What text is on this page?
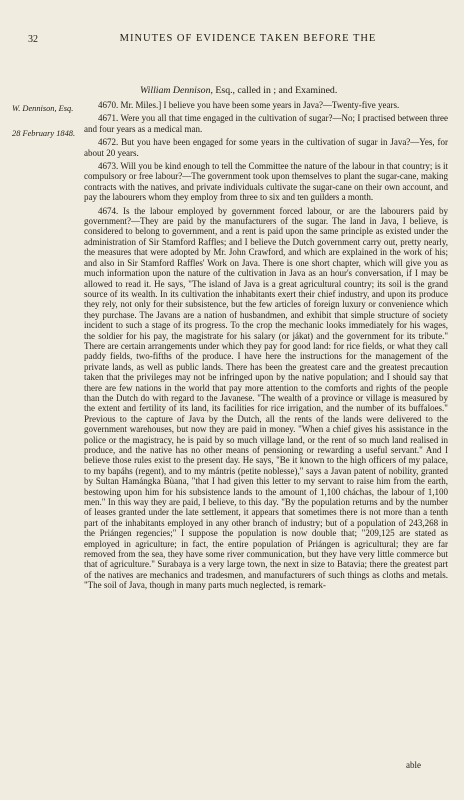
32	MINUTES OF EVIDENCE TAKEN BEFORE THE
William Dennison, Esq., called in ; and Examined.
W. Dennison, Esq.
28 February 1848.

4670. Mr. Miles.] I believe you have been some years in Java?—Twenty-five years.

4671. Were you all that time engaged in the cultivation of sugar?—No; I practised between three and four years as a medical man.

4672. But you have been engaged for some years in the cultivation of sugar in Java?—Yes, for about 20 years.

4673. Will you be kind enough to tell the Committee the nature of the labour in that country; is it compulsory or free labour?—The government took upon themselves to plant the sugar-cane, making contracts with the natives, and private individuals cultivate the sugar-cane on their own account, and pay the labourers whom they employ from three to six and ten guilders a month.

4674. Is the labour employed by government forced labour, or are the labourers paid by government?—They are paid by the manufacturers of the sugar. The land in Java, I believe, is considered to belong to government, and a rent is paid upon the same principle as existed under the administration of Sir Stamford Raffles; and I believe the Dutch government carry out, pretty nearly, the measures that were adopted by Mr. John Crawford, and which are explained in the work of his; and also in Sir Stamford Raffles' Work on Java. There is one short chapter, which will give you as much information upon the nature of the cultivation in Java as an hour's conversation, if I may be allowed to read it. He says, "The island of Java is a great agricultural country; its soil is the grand source of its wealth. In its cultivation the inhabitants exert their chief industry, and upon its produce they rely, not only for their subsistence, but the few articles of foreign luxury or convenience which they purchase. The Javans are a nation of husbandmen, and exhibit that simple structure of society incident to such a stage of its progress. To the crop the mechanic looks immediately for his wages, the soldier for his pay, the magistrate for his salary (or jákat) and the government for its tribute." There are certain arrangements under which they pay for good land: for rice fields, or what they call paddy fields, two-fifths of the produce. I have here the instructions for the management of the private lands, as well as public lands. There has been the greatest care and the greatest precaution taken that the privileges may not be infringed upon by the native population; and I should say that there are few nations in the world that pay more attention to the comforts and rights of the people than the Dutch do with regard to the Javanese. "The wealth of a province or village is measured by the extent and fertility of its land, its facilities for rice irrigation, and the number of its buffaloes." Previous to the capture of Java by the Dutch, all the rents of the lands were delivered to the government warehouses, but now they are paid in money. "When a chief gives his assistance in the police or the magistracy, he is paid by so much village land, or the rent of so much land realised in produce, and the native has no other means of pensioning or rewarding a useful servant." And I believe those rules exist to the present day. He says, "Be it known to the high officers of my palace, to my bapáhs (regent), and to my mántris (petite noblesse)," says a Javan patent of nobility, granted by Sultan Hamángka Bùana, "that I had given this letter to my servant to raise him from the earth, bestowing upon him for his subsistence lands to the amount of 1,100 cháchas, the labour of 1,100 men." In this way they are paid, I believe, to this day. "By the population returns and by the number of leases granted under the late settlement, it appears that sometimes there is not more than a tenth part of the inhabitants employed in any other branch of industry; but of a population of 243,268 in the Priángen regencies;" I suppose the population is now double that; "209,125 are stated as employed in agriculture; in fact, the entire population of Priángen is agricultural; they are far removed from the sea, they have some river communication, but they have very little commerce but that of agriculture." Surabaya is a very large town, the next in size to Batavia; there the greatest part of the natives are mechanics and tradesmen, and manufacturers of such things as cloths and metals. "The soil of Java, though in many parts much neglected, is remark-

able
